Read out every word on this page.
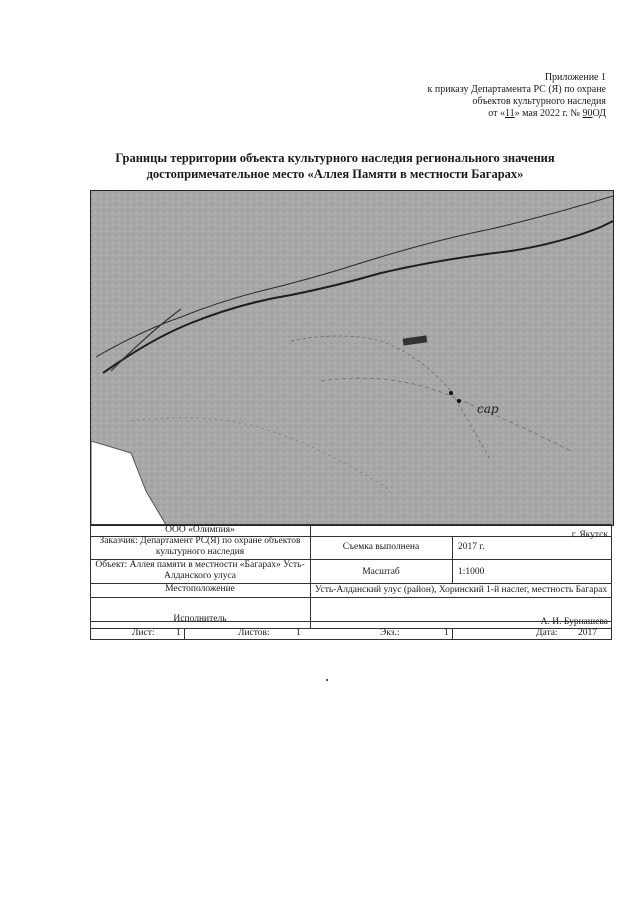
Приложение 1
к приказу Департамента РС (Я) по охране
объектов культурного наследия
от «11» мая 2022 г. № 90ОД
Границы территории объекта культурного наследия регионального значения
достопримечательное место «Аллея Памяти в местности Багарах»
сар
ООО «Олимпия»	г. Якутск
Заказчик: Департамент РС(Я) по охране объектов культурного наследия	Съемка выполнена	2017 г.
Объект: Аллея памяти в местности «Багарах» Усть-Алданского улуса	Масштаб	1:1000
Местоположение	Усть-Алданский улус (район), Хоринский 1-й наслег, местность Багарах
Исполнитель	А. И. Бурнашева
Лист: 1	Листов:	1	Экз.:	1	Дата: 2017
